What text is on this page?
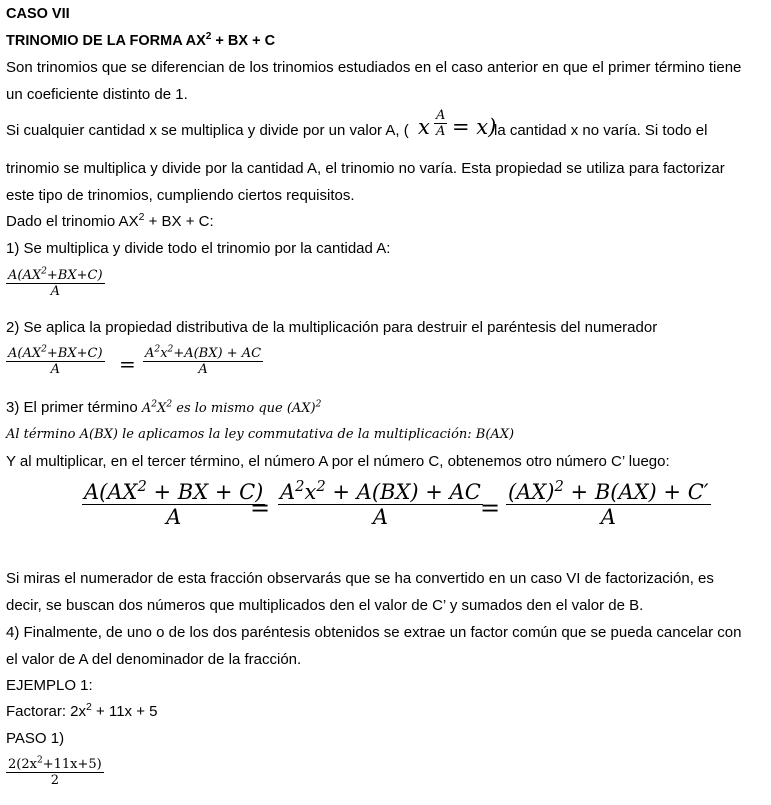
CASO VII
TRINOMIO DE LA FORMA $AX^2$ + BX + C
Son trinomios que se diferencian de los trinomios estudiados en el caso anterior en que el primer término tiene
un coeficiente distinto de 1.
Si cualquier cantidad x se multiplica y divide por un valor A, ( x $\frac{A}{A} = x$)
la cantidad x no varía. Si todo el
trinomio se multiplica y divide por la cantidad A, el trinomio no varía. Esta propiedad se utiliza para factorizar
este tipo de trinomios, cumpliendo ciertos requisitos.
Dado el trinomio $AX^2$ + BX + C:
1) Se multiplica y divide todo el trinomio por la cantidad A:
$\frac{A(AX^2+BX+C)}{A}$
2) Se aplica la propiedad distributiva de la multiplicación para destruir el paréntesis del numerador
$\frac{A(AX^2+BX+C)}{A} = \frac{A^2x^2+A(BX) + AC}{A}$
3) El primer término $A^2X^2$ es lo mismo que (AX)$^2$
Al término A(BX) le aplicamos la ley commutativa de la multiplicación: B(AX)
Y al multiplicar, en el tercer término, el número A por el número C, obtenemos otro número C’ luego:
$\frac{A(AX^2 + BX + C)}{A}$
= $\frac{A^2x^2 + A(BX) + AC}{A}$
= $\frac{(AX)^2 + B(AX) + C'}{A}$
Si miras el numerador de esta fracción observarás que se ha convertido en un caso VI de factorización, es
decir, se buscan dos números que multiplicados den el valor de C’ y sumados den el valor de B.
4) Finalmente, de uno o de los dos paréntesis obtenidos se extrae un factor común que se pueda cancelar con
el valor de A del denominador de la fracción.
EJEMPLO 1:
Factorar: $2x^2 + 11x + 5$
PASO 1)
$\frac{2(2x^2+11x+5)}{2}$
